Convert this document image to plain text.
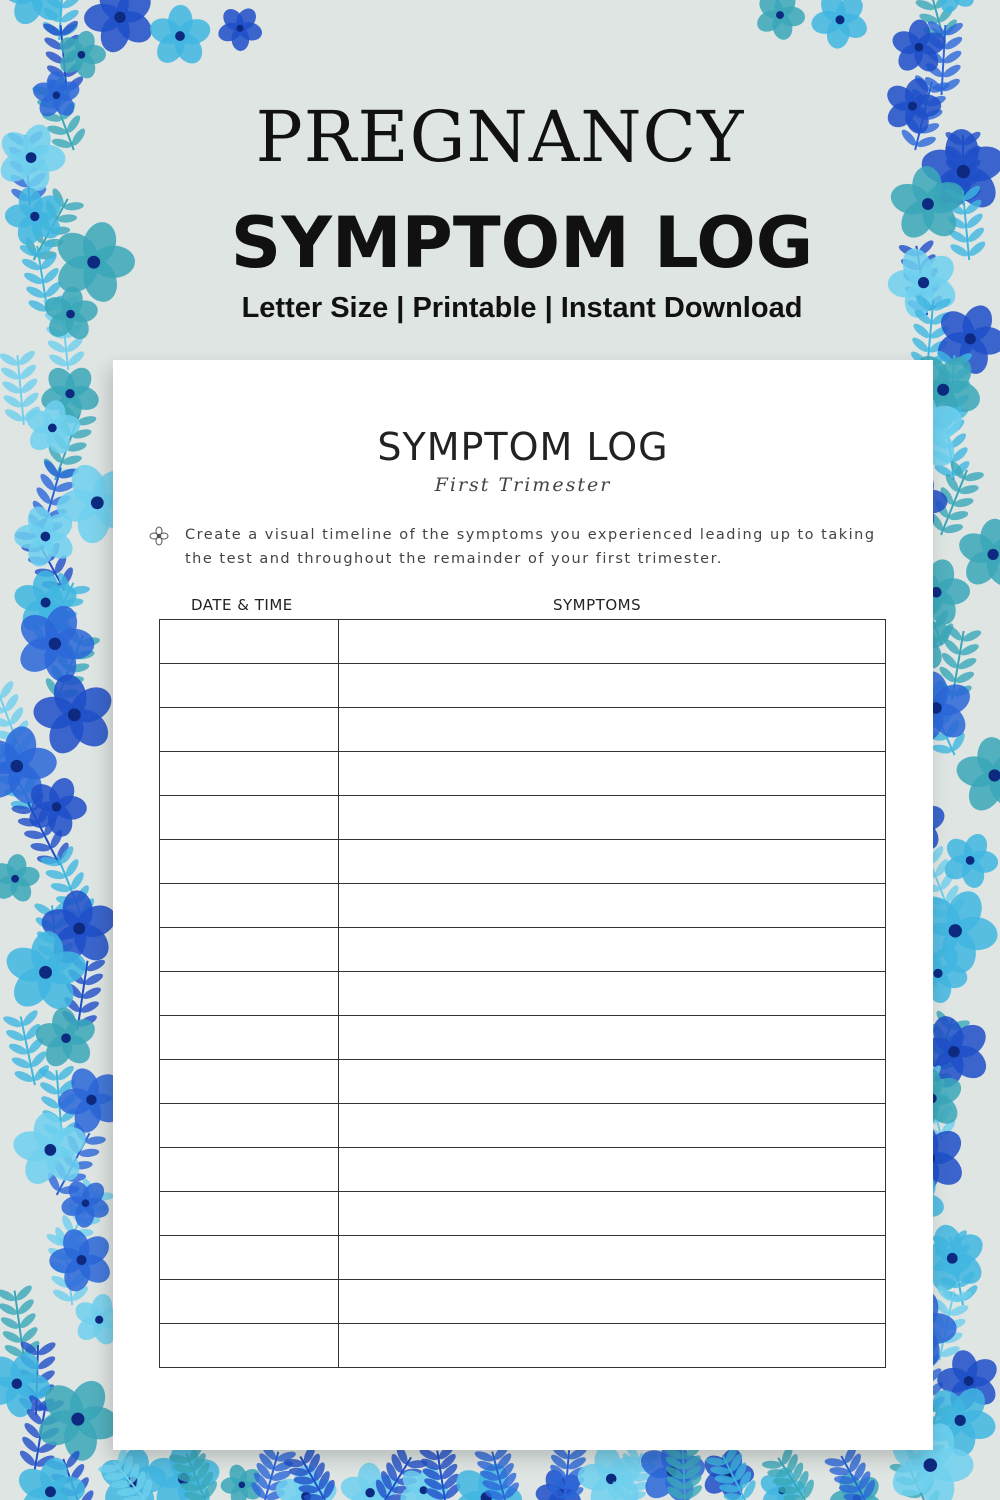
PREGNANCY
SYMPTOM LOG
Letter Size | Printable | Instant Download
SYMPTOM LOG
First Trimester
Create a visual timeline of the symptoms you experienced leading up to taking the test and throughout the remainder of your first trimester.
DATE & TIME	SYMPTOMS
